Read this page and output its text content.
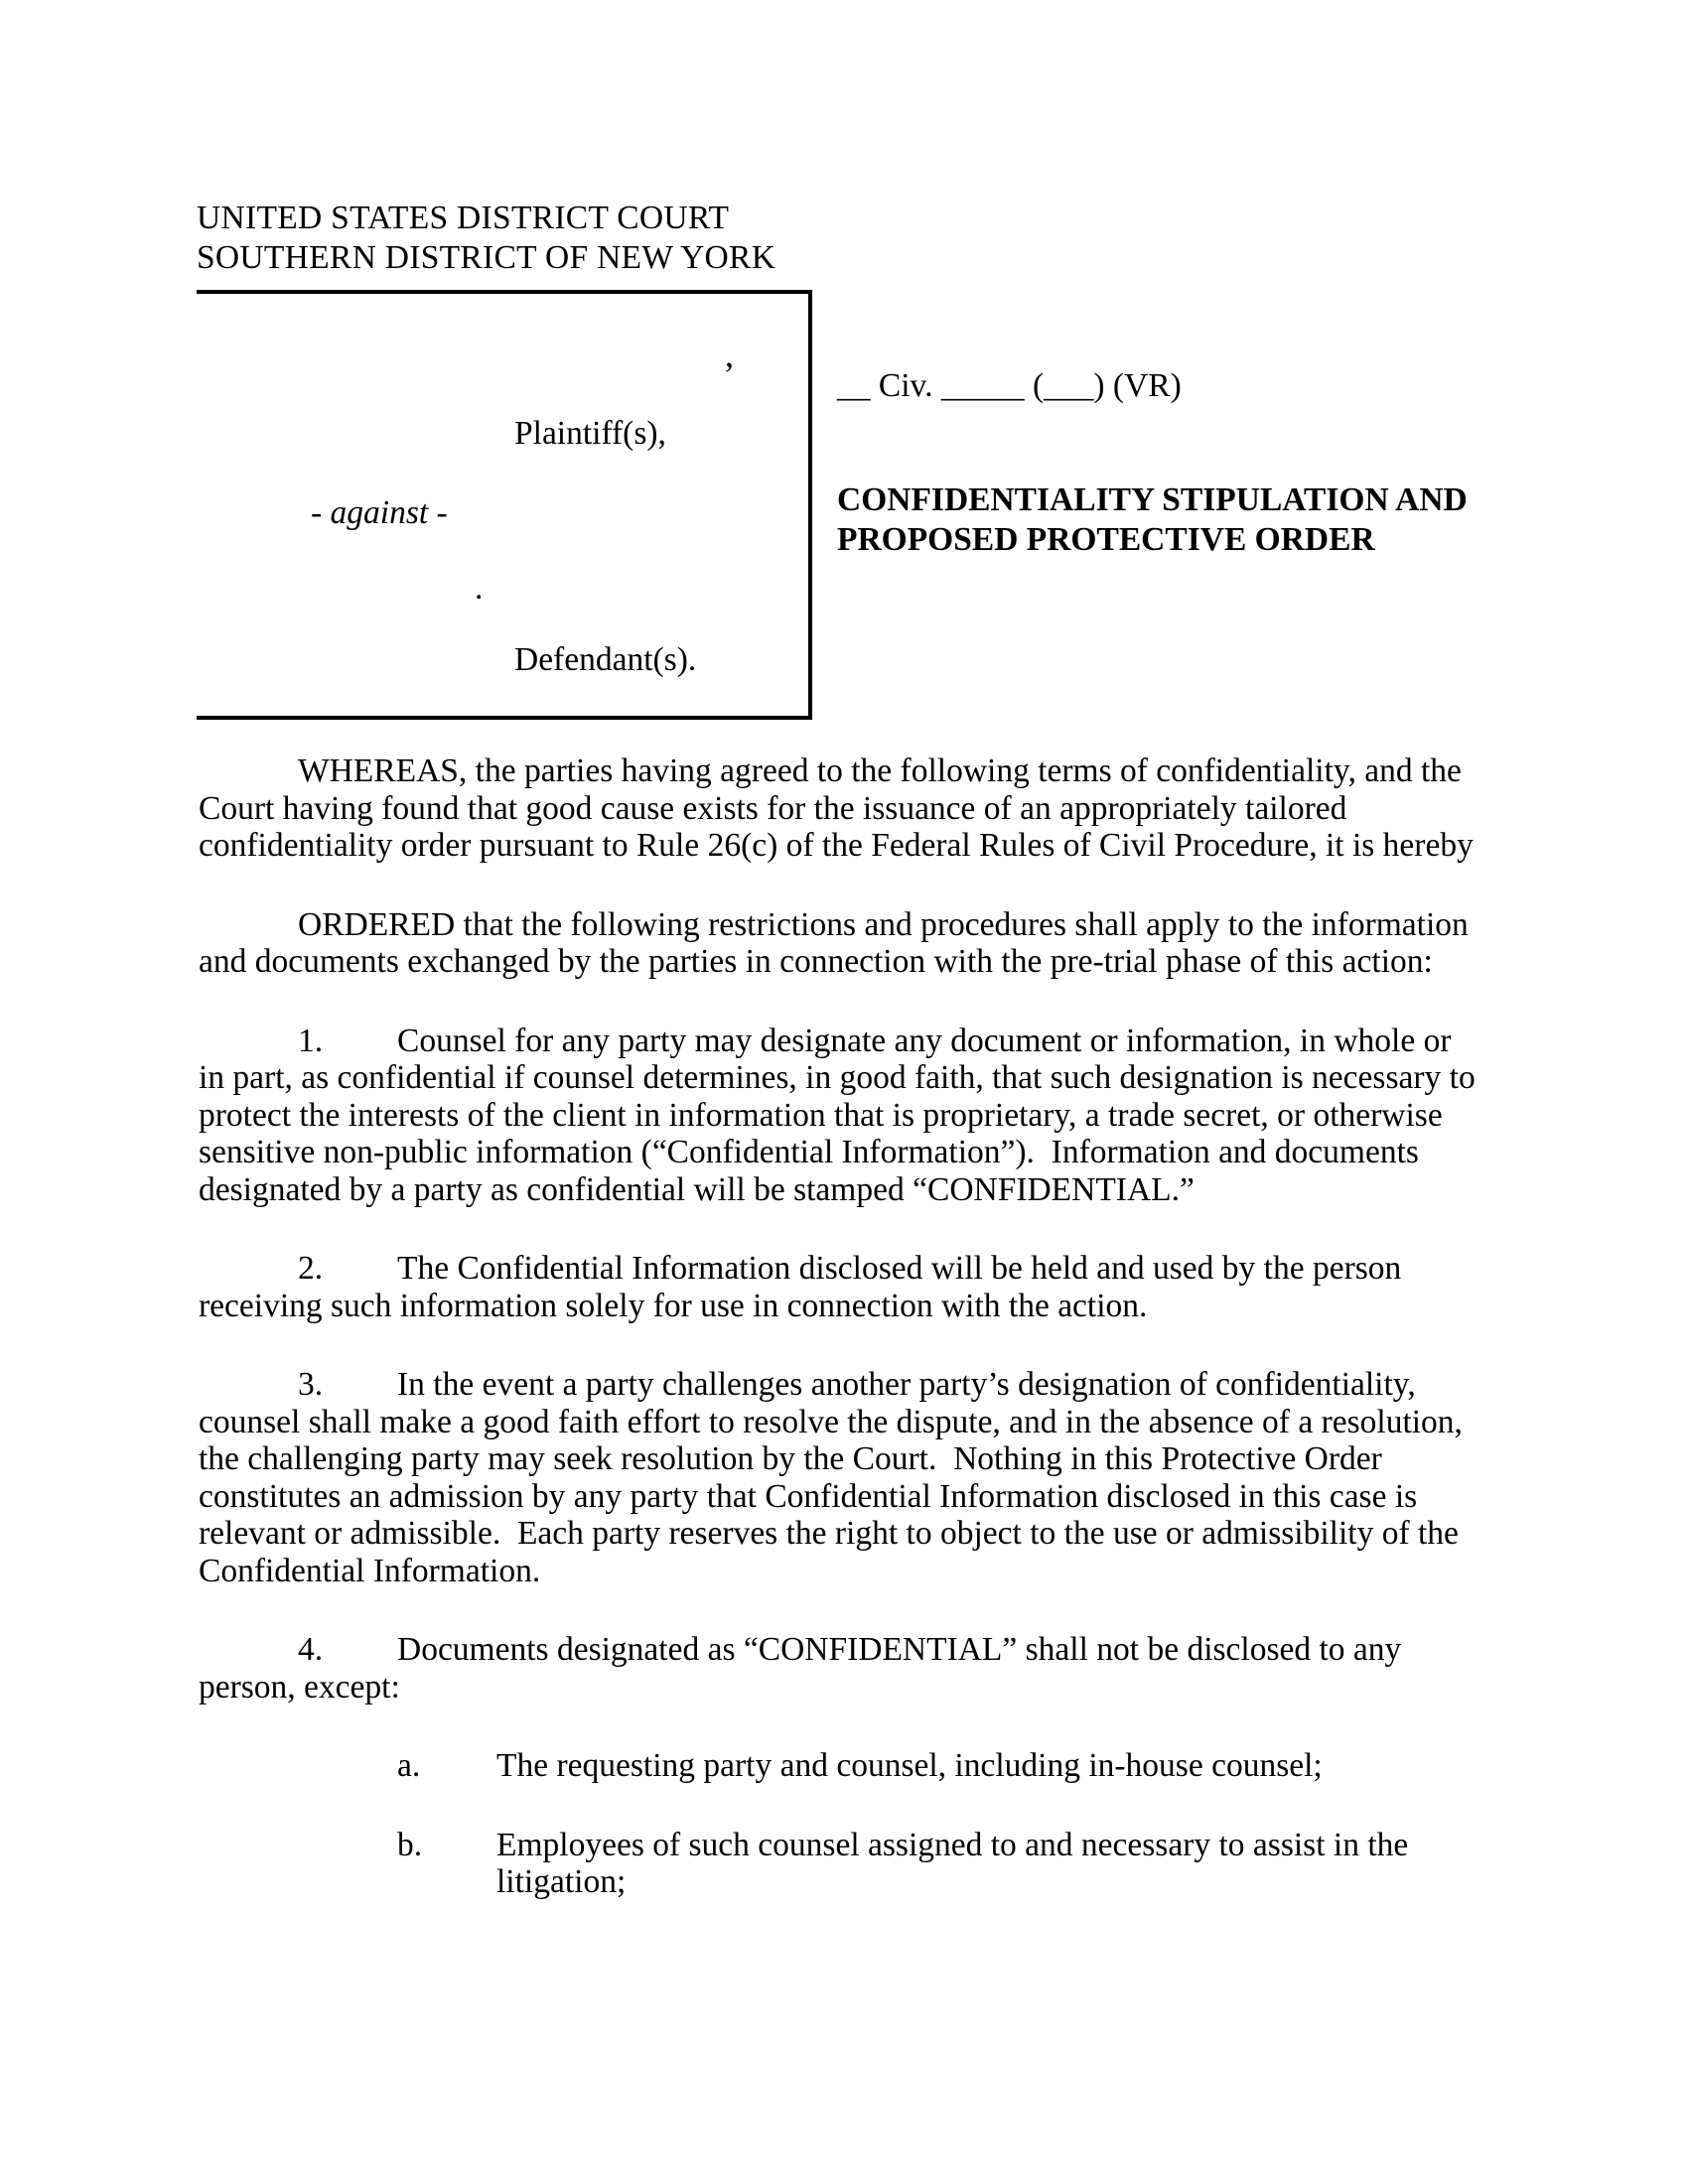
UNITED STATES DISTRICT COURT
SOUTHERN DISTRICT OF NEW YORK
,
Plaintiff(s),
- against -
.
Defendant(s).
__ Civ. _____ (___) (VR)
CONFIDENTIALITY STIPULATION AND
PROPOSED PROTECTIVE ORDER

WHEREAS, the parties having agreed to the following terms of confidentiality, and the Court having found that good cause exists for the issuance of an appropriately tailored confidentiality order pursuant to Rule 26(c) of the Federal Rules of Civil Procedure, it is hereby

ORDERED that the following restrictions and procedures shall apply to the information and documents exchanged by the parties in connection with the pre-trial phase of this action:

1. Counsel for any party may designate any document or information, in whole or in part, as confidential if counsel determines, in good faith, that such designation is necessary to protect the interests of the client in information that is proprietary, a trade secret, or otherwise sensitive non-public information (“Confidential Information”).  Information and documents designated by a party as confidential will be stamped “CONFIDENTIAL.”

2. The Confidential Information disclosed will be held and used by the person receiving such information solely for use in connection with the action.

3. In the event a party challenges another party’s designation of confidentiality, counsel shall make a good faith effort to resolve the dispute, and in the absence of a resolution, the challenging party may seek resolution by the Court.  Nothing in this Protective Order constitutes an admission by any party that Confidential Information disclosed in this case is relevant or admissible.  Each party reserves the right to object to the use or admissibility of the Confidential Information.

4. Documents designated as “CONFIDENTIAL” shall not be disclosed to any person, except:

a. The requesting party and counsel, including in-house counsel;

b. Employees of such counsel assigned to and necessary to assist in the litigation;
